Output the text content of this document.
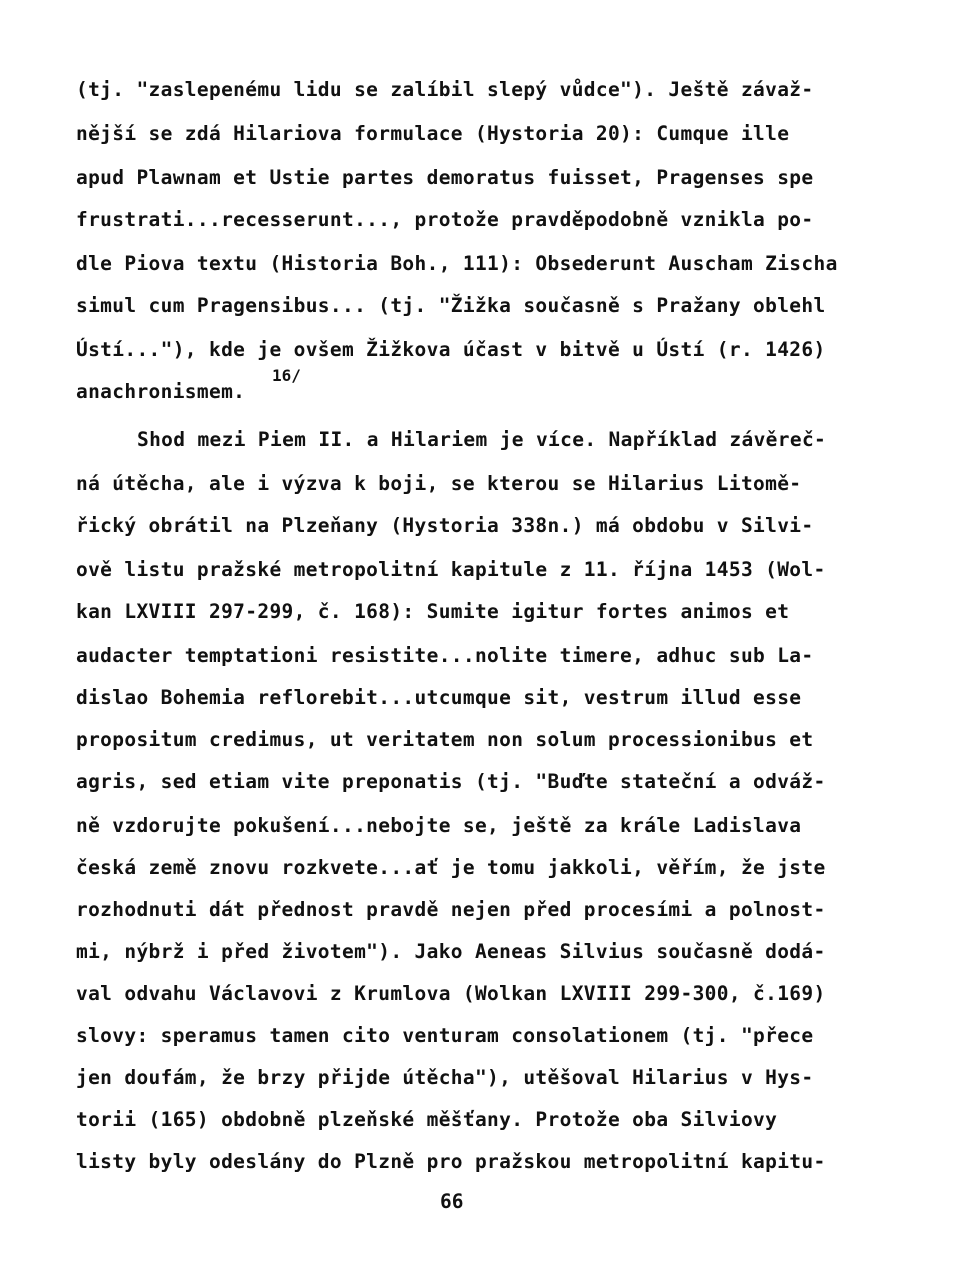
(tj. "zaslepenému lidu se zalíbil slepý vůdce"). Ještě závaž-
nější se zdá Hilariova formulace (Hystoria 20): Cumque ille
apud Plawnam et Ustie partes demoratus fuisset, Pragenses spe
frustrati...recesserunt..., protože pravděpodobně vznikla po-
dle Piova textu (Historia Boh., 111): Obsederunt Auscham Zischa
simul cum Pragensibus... (tj. "Žižka současně s Pražany oblehl
Ústí..."), kde je ovšem Žižkova účast v bitvě u Ústí (r. 1426)
anachronismem.
16/
Shod mezi Piem II. a Hilariem je více. Například závěreč-
ná útěcha, ale i výzva k boji, se kterou se Hilarius Litomě-
řický obrátil na Plzeňany (Hystoria 338n.) má obdobu v Silvi-
ově listu pražské metropolitní kapitule z 11. října 1453 (Wol-
kan LXVIII 297-299, č. 168): Sumite igitur fortes animos et
audacter temptationi resistite...nolite timere, adhuc sub La-
dislao Bohemia reflorebit...utcumque sit, vestrum illud esse
propositum credimus, ut veritatem non solum processionibus et
agris, sed etiam vite preponatis (tj. "Buďte stateční a odváž-
ně vzdorujte pokušení...nebojte se, ještě za krále Ladislava
česká země znovu rozkvete...ať je tomu jakkoli, věřím, že jste
rozhodnuti dát přednost pravdě nejen před procesími a polnost-
mi, nýbrž i před životem"). Jako Aeneas Silvius současně dodá-
val odvahu Václavovi z Krumlova (Wolkan LXVIII 299-300, č.169)
slovy: speramus tamen cito venturam consolationem (tj. "přece
jen doufám, že brzy přijde útěcha"), utěšoval Hilarius v Hys-
torii (165) obdobně plzeňské měšťany. Protože oba Silviovy
listy byly odeslány do Plzně pro pražskou metropolitní kapitu-
66
